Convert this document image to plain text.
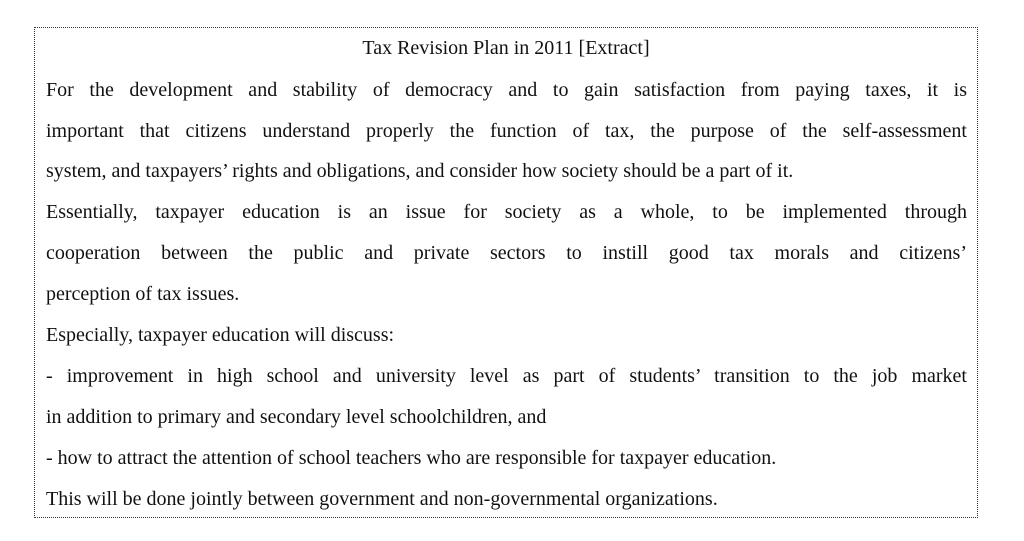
Tax Revision Plan in 2011 [Extract]
For the development and stability of democracy and to gain satisfaction from paying taxes, it is
important that citizens understand properly the function of tax, the purpose of the self-assessment
system, and taxpayers’ rights and obligations, and consider how society should be a part of it.
Essentially, taxpayer education is an issue for society as a whole, to be implemented through
cooperation between the public and private sectors to instill good tax morals and citizens’
perception of tax issues.
Especially, taxpayer education will discuss:
- improvement in high school and university level as part of students’ transition to the job market
in addition to primary and secondary level schoolchildren, and
- how to attract the attention of school teachers who are responsible for taxpayer education.
This will be done jointly between government and non-governmental organizations.
